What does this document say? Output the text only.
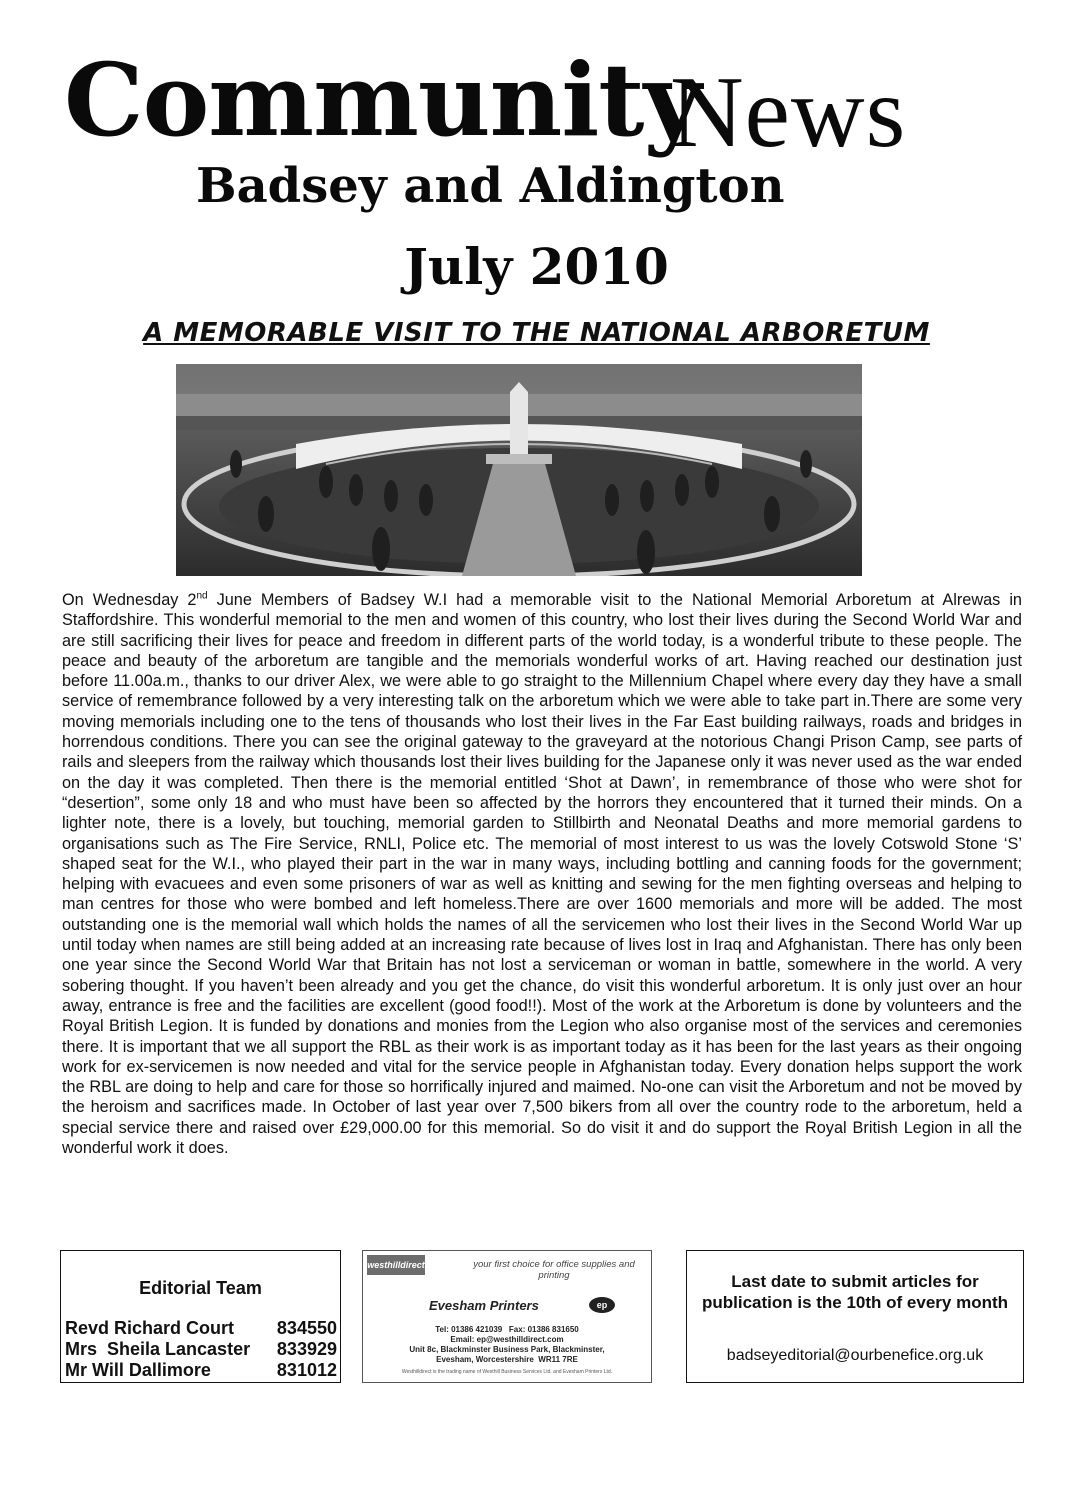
Community
News
Badsey and Aldington
July 2010
A MEMORABLE VISIT TO THE NATIONAL ARBORETUM

On Wednesday 2nd June Members of Badsey W.I had a memorable visit to the National Memorial Arboretum at Alrewas in Staffordshire. This wonderful memorial to the men and women of this country, who lost their lives during the Second World War and are still sacrificing their lives for peace and freedom in different parts of the world today, is a wonderful tribute to these people. The peace and beauty of the arboretum are tangible and the memorials wonderful works of art. Having reached our destination just before 11.00a.m., thanks to our driver Alex, we were able to go straight to the Millennium Chapel where every day they have a small service of remembrance followed by a very interesting talk on the arboretum which we were able to take part in.There are some very moving memorials including one to the tens of thousands who lost their lives in the Far East building railways, roads and bridges in horrendous conditions. There you can see the original gateway to the graveyard at the notorious Changi Prison Camp, see parts of rails and sleepers from the railway which thousands lost their lives building for the Japanese only it was never used as the war ended on the day it was completed. Then there is the memorial entitled ‘Shot at Dawn’, in remembrance of those who were shot for “desertion”, some only 18 and who must have been so affected by the horrors they encountered that it turned their minds. On a lighter note, there is a lovely, but touching, memorial garden to Stillbirth and Neonatal Deaths and more memorial gardens to organisations such as The Fire Service, RNLI, Police etc. The memorial of most interest to us was the lovely Cotswold Stone ‘S’ shaped seat for the W.I., who played their part in the war in many ways, including bottling and canning foods for the government; helping with evacuees and even some prisoners of war as well as knitting and sewing for the men fighting overseas and helping to man centres for those who were bombed and left homeless.There are over 1600 memorials and more will be added. The most outstanding one is the memorial wall which holds the names of all the servicemen who lost their lives in the Second World War up until today when names are still being added at an increasing rate because of lives lost in Iraq and Afghanistan. There has only been one year since the Second World War that Britain has not lost a serviceman or woman in battle, somewhere in the world. A very sobering thought. If you haven’t been already and you get the chance, do visit this wonderful arboretum. It is only just over an hour away, entrance is free and the facilities are excellent (good food!!). Most of the work at the Arboretum is done by volunteers and the Royal British Legion. It is funded by donations and monies from the Legion who also organise most of the services and ceremonies there. It is important that we all support the RBL as their work is as important today as it has been for the last years as their ongoing work for ex-servicemen is now needed and vital for the service people in Afghanistan today. Every donation helps support the work the RBL are doing to help and care for those so horrifically injured and maimed. No-one can visit the Arboretum and not be moved by the heroism and sacrifices made. In October of last year over 7,500 bikers from all over the country rode to the arboretum, held a special service there and raised over £29,000.00 for this memorial. So do visit it and do support the Royal British Legion in all the wonderful work it does.

Editorial Team
Revd Richard Court 834550
Mrs  Sheila Lancaster 833929
Mr Will Dallimore	831012
westhilldirect	your first choice for office supplies and printing
Evesham Printers	ep
Tel: 01386 421039   Fax: 01386 831650
Email: ep@westhilldirect.com
Unit 8c, Blackminster Business Park, Blackminster,
Evesham, Worcestershire  WR11 7RE
Westhilldirect is the trading name of Westhill Business Services Ltd. and Evesham Printers Ltd.
Last date to submit articles for publication is the 10th of every month
badseyeditorial@ourbenefice.org.uk
